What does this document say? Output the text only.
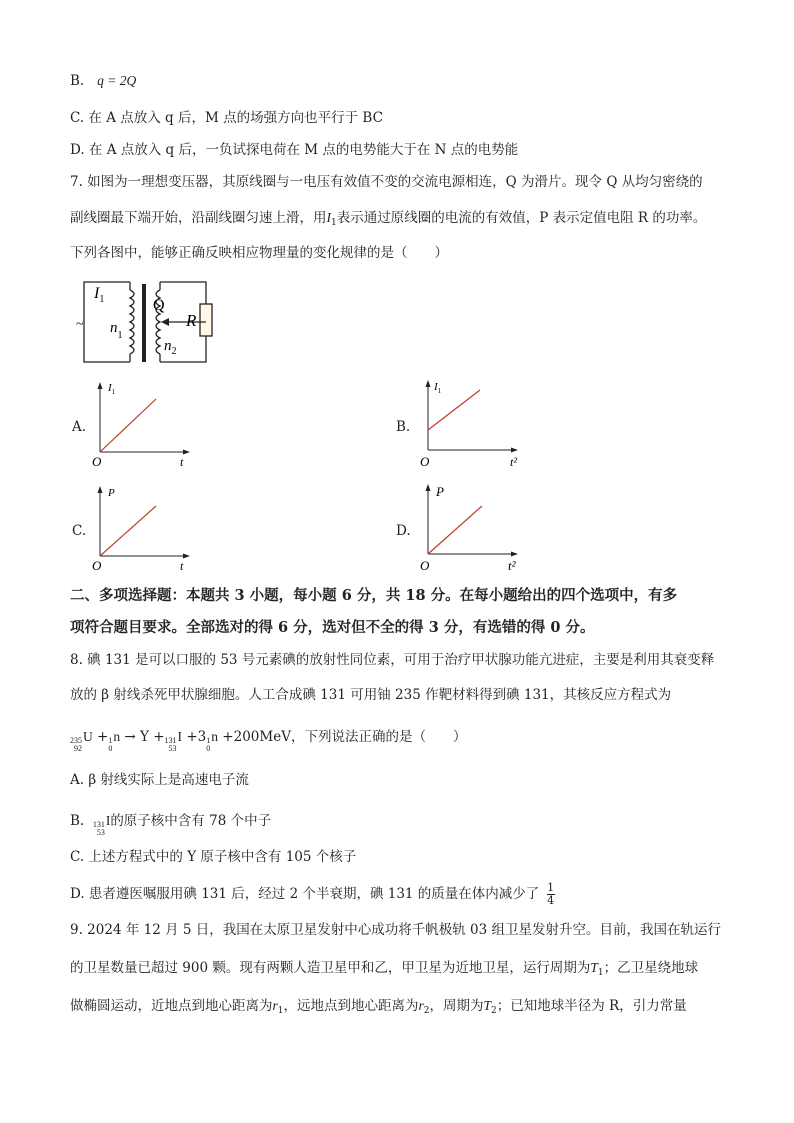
B. q = 2Q
C. 在 A 点放入 q 后，M 点的场强方向也平行于 BC
D. 在 A 点放入 q 后，一负试探电荷在 M 点的电势能大于在 N 点的电势能
7. 如图为一理想变压器，其原线圈与一电压有效值不变的交流电源相连，Q 为滑片。现令 Q 从均匀密绕的
副线圈最下端开始，沿副线圈匀速上滑，用$I_1$表示通过原线圈的电流的有效值，P 表示定值电阻 R 的功率。
下列各图中，能够正确反映相应物理量的变化规律的是（　　）
~
$I_1$
$n_1$
Q
$n_2$
R
A.
$I_1$
O	t
B.
$I_1$
O	t²
C.
P
O	t
D.
P
O	t²
二、多项选择题：本题共 3 小题，每小题 6 分，共 18 分。在每小题给出的四个选项中，有多
项符合题目要求。全部选对的得 6 分，选对但不全的得 3 分，有选错的得 0 分。
8. 碘 131 是可以口服的 53 号元素碘的放射性同位素，可用于治疗甲状腺功能亢进症，主要是利用其衰变释
放的 β 射线杀死甲状腺细胞。人工合成碘 131 可用铀 235 作靶材料得到碘 131，其核反应方程式为
235
92
U + 1
0
n → Y + 131
53
I +3 1
0
n +200MeV，下列说法正确的是（　　）
A. β 射线实际上是高速电子流
B. 131
53
I的原子核中含有 78 个中子
C. 上述方程式中的 Y 原子核中含有 105 个核子
D. 患者遵医嘱服用碘 131 后，经过 2 个半衰期，碘 131 的质量在体内减少了 $\frac{1}{4}$
9. 2024 年 12 月 5 日，我国在太原卫星发射中心成功将千帆极轨 03 组卫星发射升空。目前，我国在轨运行
的卫星数量已超过 900 颗。现有两颗人造卫星甲和乙，甲卫星为近地卫星，运行周期为$T_1$；乙卫星绕地球
做椭圆运动，近地点到地心距离为$r_1$，远地点到地心距离为$r_2$，周期为$T_2$；已知地球半径为 R，引力常量
